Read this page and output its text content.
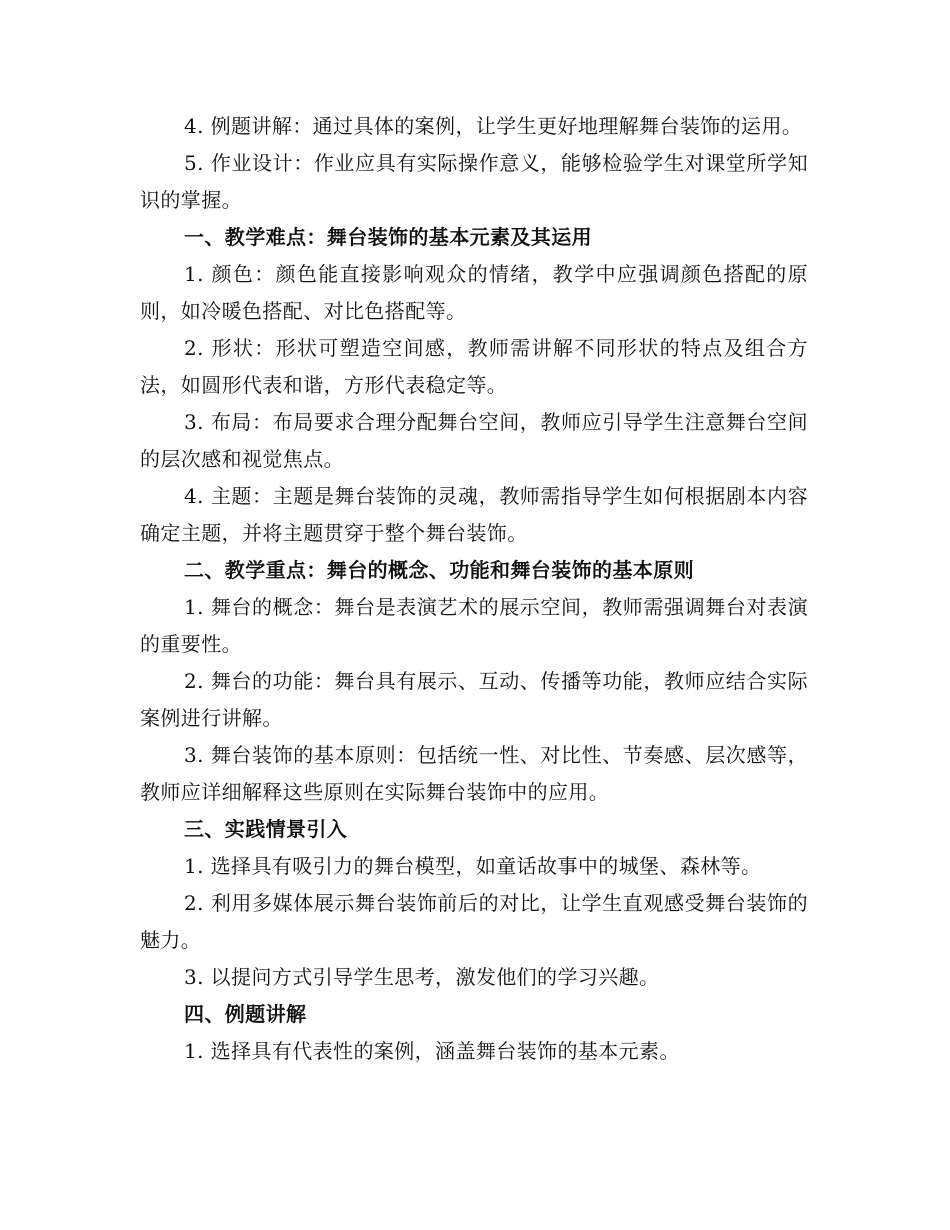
4. 例题讲解：通过具体的案例，让学生更好地理解舞台装饰的运用。

5. 作业设计：作业应具有实际操作意义，能够检验学生对课堂所学知识的掌握。

一、教学难点：舞台装饰的基本元素及其运用

1. 颜色：颜色能直接影响观众的情绪，教学中应强调颜色搭配的原则，如冷暖色搭配、对比色搭配等。

2. 形状：形状可塑造空间感，教师需讲解不同形状的特点及组合方法，如圆形代表和谐，方形代表稳定等。

3. 布局：布局要求合理分配舞台空间，教师应引导学生注意舞台空间的层次感和视觉焦点。

4. 主题：主题是舞台装饰的灵魂，教师需指导学生如何根据剧本内容确定主题，并将主题贯穿于整个舞台装饰。

二、教学重点：舞台的概念、功能和舞台装饰的基本原则

1. 舞台的概念：舞台是表演艺术的展示空间，教师需强调舞台对表演的重要性。

2. 舞台的功能：舞台具有展示、互动、传播等功能，教师应结合实际案例进行讲解。

3. 舞台装饰的基本原则：包括统一性、对比性、节奏感、层次感等，教师应详细解释这些原则在实际舞台装饰中的应用。

三、实践情景引入

1. 选择具有吸引力的舞台模型，如童话故事中的城堡、森林等。

2. 利用多媒体展示舞台装饰前后的对比，让学生直观感受舞台装饰的魅力。

3. 以提问方式引导学生思考，激发他们的学习兴趣。

四、例题讲解

1. 选择具有代表性的案例，涵盖舞台装饰的基本元素。
